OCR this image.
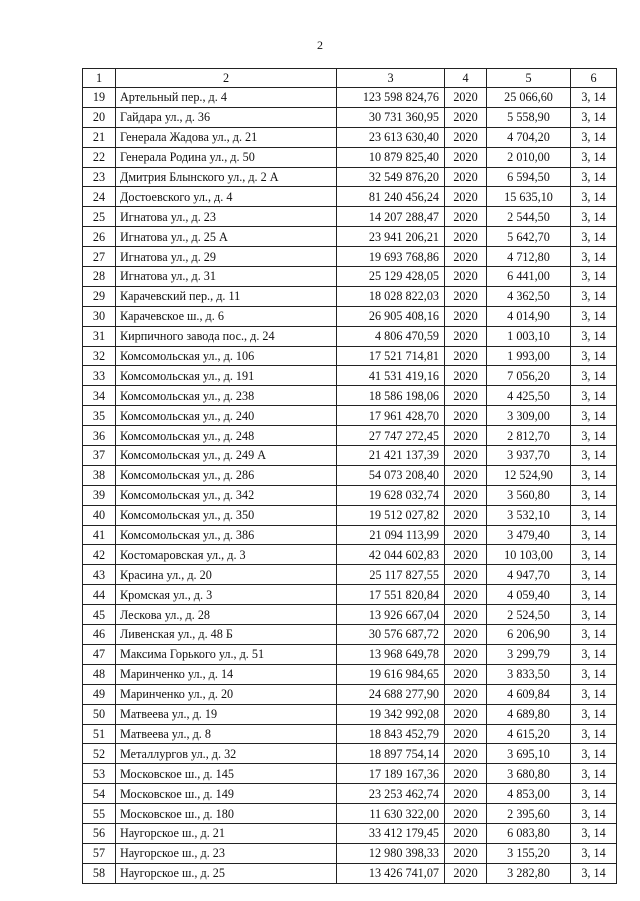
2
1	2	3	4	5	6
19	Артельный пер., д. 4	123 598 824,76	2020	25 066,60	3, 14
20	Гайдара ул., д. 36	30 731 360,95	2020	5 558,90	3, 14
21	Генерала Жадова ул., д. 21	23 613 630,40	2020	4 704,20	3, 14
22	Генерала Родина ул., д. 50	10 879 825,40	2020	2 010,00	3, 14
23	Дмитрия Блынского ул., д. 2 А	32 549 876,20	2020	6 594,50	3, 14
24	Достоевского ул., д. 4	81 240 456,24	2020	15 635,10	3, 14
25	Игнатова ул., д. 23	14 207 288,47	2020	2 544,50	3, 14
26	Игнатова ул., д. 25 А	23 941 206,21	2020	5 642,70	3, 14
27	Игнатова ул., д. 29	19 693 768,86	2020	4 712,80	3, 14
28	Игнатова ул., д. 31	25 129 428,05	2020	6 441,00	3, 14
29	Карачевский пер., д. 11	18 028 822,03	2020	4 362,50	3, 14
30	Карачевское ш., д. 6	26 905 408,16	2020	4 014,90	3, 14
31	Кирпичного завода пос., д. 24	4 806 470,59	2020	1 003,10	3, 14
32	Комсомольская ул., д. 106	17 521 714,81	2020	1 993,00	3, 14
33	Комсомольская ул., д. 191	41 531 419,16	2020	7 056,20	3, 14
34	Комсомольская ул., д. 238	18 586 198,06	2020	4 425,50	3, 14
35	Комсомольская ул., д. 240	17 961 428,70	2020	3 309,00	3, 14
36	Комсомольская ул., д. 248	27 747 272,45	2020	2 812,70	3, 14
37	Комсомольская ул., д. 249 А	21 421 137,39	2020	3 937,70	3, 14
38	Комсомольская ул., д. 286	54 073 208,40	2020	12 524,90	3, 14
39	Комсомольская ул., д. 342	19 628 032,74	2020	3 560,80	3, 14
40	Комсомольская ул., д. 350	19 512 027,82	2020	3 532,10	3, 14
41	Комсомольская ул., д. 386	21 094 113,99	2020	3 479,40	3, 14
42	Костомаровская ул., д. 3	42 044 602,83	2020	10 103,00	3, 14
43	Красина ул., д. 20	25 117 827,55	2020	4 947,70	3, 14
44	Кромская ул., д. 3	17 551 820,84	2020	4 059,40	3, 14
45	Лескова ул., д. 28	13 926 667,04	2020	2 524,50	3, 14
46	Ливенская ул., д. 48 Б	30 576 687,72	2020	6 206,90	3, 14
47	Максима Горького ул., д. 51	13 968 649,78	2020	3 299,79	3, 14
48	Маринченко ул., д. 14	19 616 984,65	2020	3 833,50	3, 14
49	Маринченко ул., д. 20	24 688 277,90	2020	4 609,84	3, 14
50	Матвеева ул., д. 19	19 342 992,08	2020	4 689,80	3, 14
51	Матвеева ул., д. 8	18 843 452,79	2020	4 615,20	3, 14
52	Металлургов ул., д. 32	18 897 754,14	2020	3 695,10	3, 14
53	Московское ш., д. 145	17 189 167,36	2020	3 680,80	3, 14
54	Московское ш., д. 149	23 253 462,74	2020	4 853,00	3, 14
55	Московское ш., д. 180	11 630 322,00	2020	2 395,60	3, 14
56	Наугорское ш., д. 21	33 412 179,45	2020	6 083,80	3, 14
57	Наугорское ш., д. 23	12 980 398,33	2020	3 155,20	3, 14
58	Наугорское ш., д. 25	13 426 741,07	2020	3 282,80	3, 14
